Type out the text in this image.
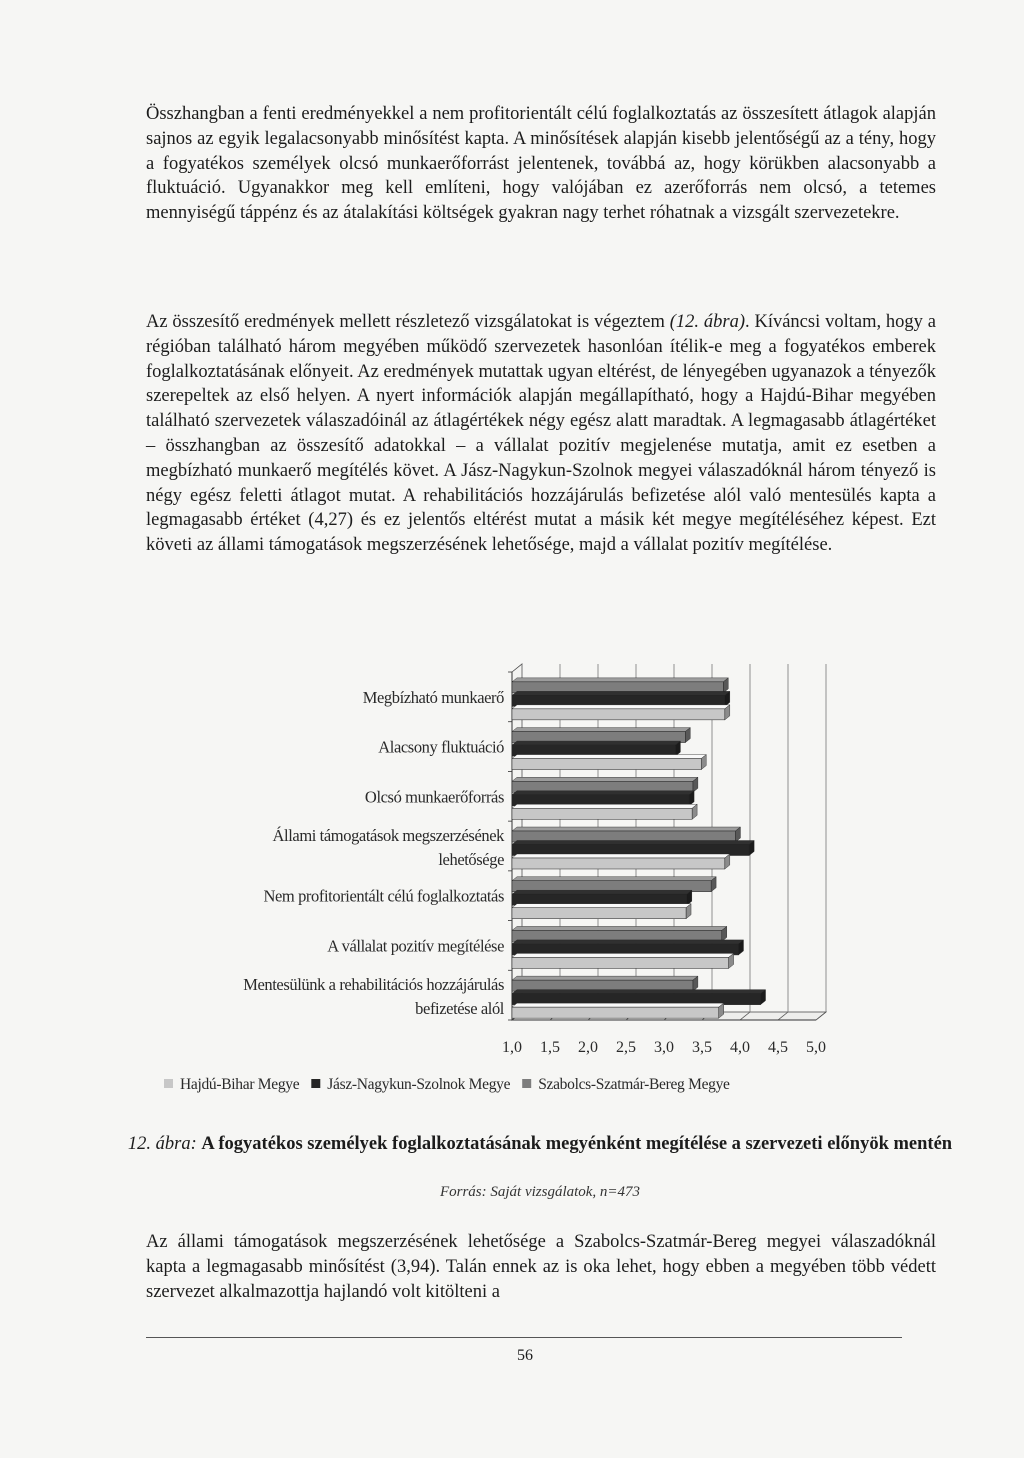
Összhangban a fenti eredményekkel a nem profitorientált célú foglalkoztatás az összesített átlagok alapján sajnos az egyik legalacsonyabb minősítést kapta. A minősítések alapján kisebb jelentőségű az a tény, hogy a fogyatékos személyek olcsó munkaerőforrást jelentenek, továbbá az, hogy körükben alacsonyabb a fluktuáció. Ugyanakkor meg kell említeni, hogy valójában ez azerőforrás nem olcsó, a tetemes mennyiségű táppénz és az átalakítási költségek gyakran nagy terhet róhatnak a vizsgált szervezetekre.

Az összesítő eredmények mellett részletező vizsgálatokat is végeztem (12. ábra). Kíváncsi voltam, hogy a régióban található három megyében működő szervezetek hasonlóan ítélik-e meg a fogyatékos emberek foglalkoztatásának előnyeit. Az eredmények mutattak ugyan eltérést, de lényegében ugyanazok a tényezők szerepeltek az első helyen. A nyert információk alapján megállapítható, hogy a Hajdú-Bihar megyében található szervezetek válaszadóinál az átlagértékek négy egész alatt maradtak. A legmagasabb átlagértéket – összhangban az összesítő adatokkal – a vállalat pozitív megjelenése mutatja, amit ez esetben a megbízható munkaerő megítélés követ. A Jász-Nagykun-Szolnok megyei válaszadóknál három tényező is négy egész feletti átlagot mutat. A rehabilitációs hozzájárulás befizetése alól való mentesülés kapta a legmagasabb értéket (4,27) és ez jelentős eltérést mutat a másik két megye megítéléséhez képest. Ezt követi az állami támogatások megszerzésének lehetősége, majd a vállalat pozitív megítélése.

Megbízható munkaerő
Alacsony fluktuáció
Olcsó munkaerőforrás
Állami támogatások megszerzésének
lehetősége
Nem profitorientált célú foglalkoztatás
A vállalat pozitív megítélése
Mentesülünk a rehabilitációs hozzájárulás
befizetése alól
1,0 1,5 2,0 2,5 3,0 3,5 4,0 4,5 5,0
Hajdú-Bihar Megye Jász-Nagykun-Szolnok Megye Szabolcs-Szatmár-Bereg Megye

12. ábra: A fogyatékos személyek foglalkoztatásának megyénként megítélése a szervezeti előnyök mentén

Forrás: Saját vizsgálatok, n=473

Az állami támogatások megszerzésének lehetősége a Szabolcs-Szatmár-Bereg megyei válaszadóknál kapta a legmagasabb minősítést (3,94). Talán ennek az is oka lehet, hogy ebben a megyében több védett szervezet alkalmazottja hajlandó volt kitölteni a

56
